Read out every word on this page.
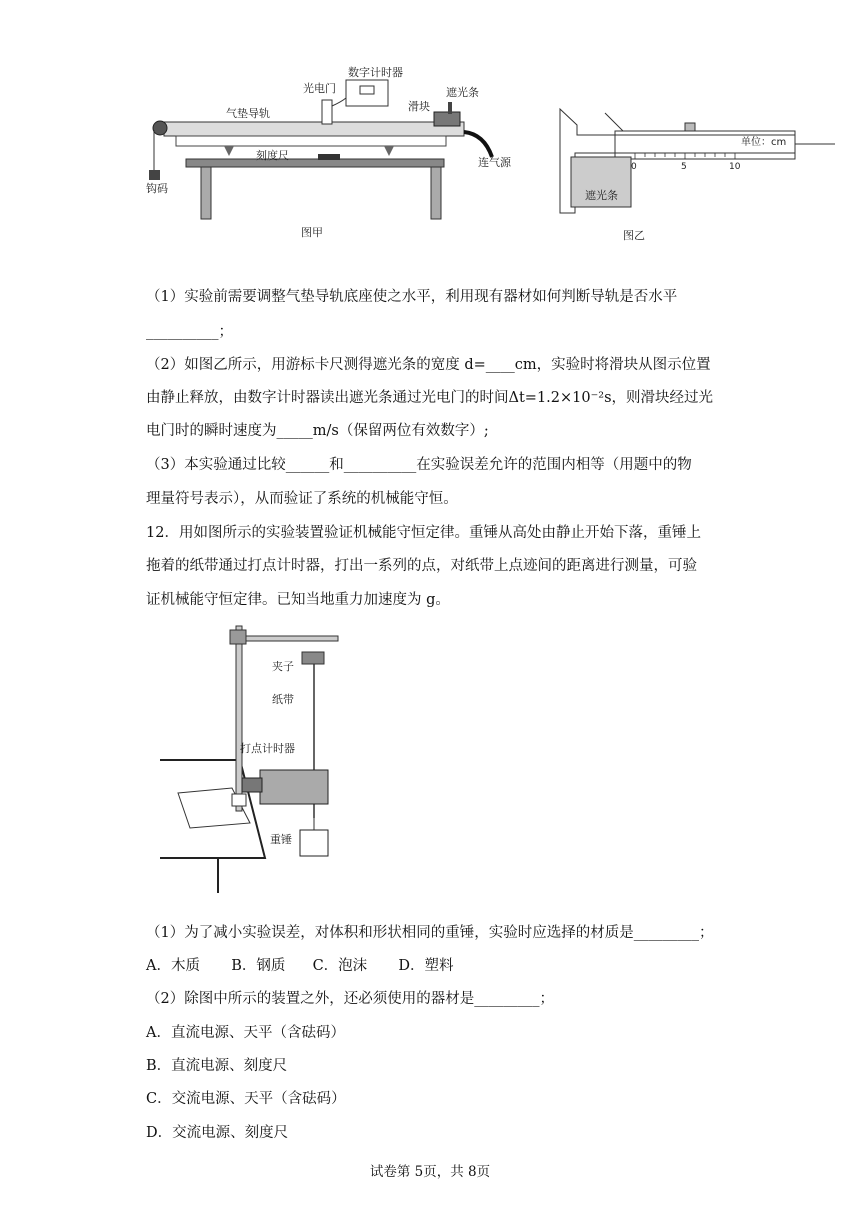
数字计时器
光电门
气垫导轨
滑块
遮光条
刻度尺
连气源
钩码
图甲
遮光条
单位：cm
0	5	10
图乙
（1）实验前需要调整气垫导轨底座使之水平，利用现有器材如何判断导轨是否水平
__________；
（2）如图乙所示，用游标卡尺测得遮光条的宽度 d=____cm，实验时将滑块从图示位置
由静止释放，由数字计时器读出遮光条通过光电门的时间Δt=1.2×10⁻²s，则滑块经过光
电门时的瞬时速度为_____m/s（保留两位有效数字）;
（3）本实验通过比较______和__________在实验误差允许的范围内相等（用题中的物
理量符号表示），从而验证了系统的机械能守恒。
12．用如图所示的实验装置验证机械能守恒定律。重锤从高处由静止开始下落，重锤上
拖着的纸带通过打点计时器，打出一系列的点，对纸带上点迹间的距离进行测量，可验
证机械能守恒定律。已知当地重力加速度为 g。
夹子
纸带
打点计时器
重锤
（1）为了减小实验误差，对体积和形状相同的重锤，实验时应选择的材质是_________；
A．木质 B．钢质 C．泡沫 D．塑料
（2）除图中所示的装置之外，还必须使用的器材是_________；
A．直流电源、天平（含砝码）
B．直流电源、刻度尺
C．交流电源、天平（含砝码）
D．交流电源、刻度尺
试卷第 5页，共 8页
